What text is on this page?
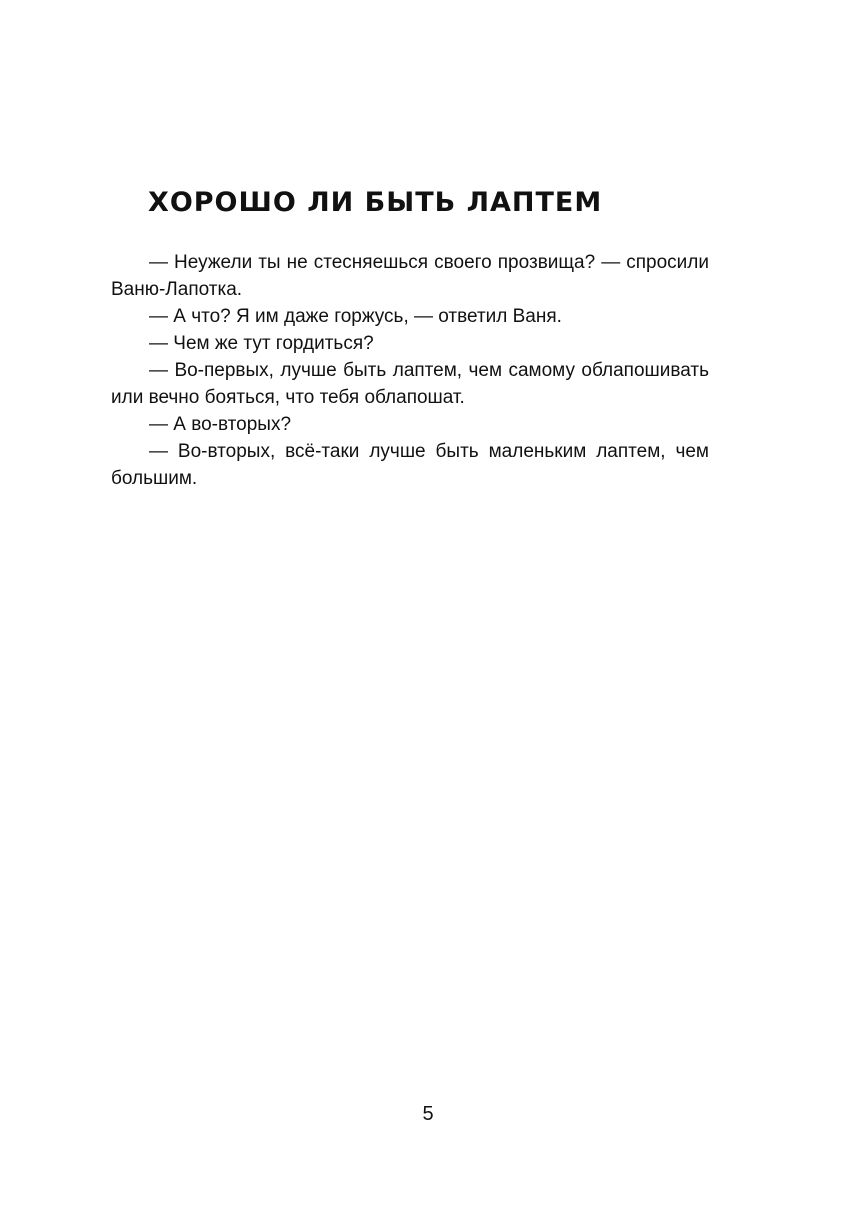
ХОРОШО ЛИ БЫТЬ ЛАПТЕМ

— Неужели ты не стесняешься своего прозвища? — спросили Ваню-Лапотка.

— А что? Я им даже горжусь, — ответил Ваня.

— Чем же тут гордиться?

— Во-первых, лучше быть лаптем, чем самому облапошивать или вечно бояться, что тебя облапошат.

— А во-вторых?

— Во-вторых, всё-таки лучше быть маленьким лаптем, чем большим.

5
